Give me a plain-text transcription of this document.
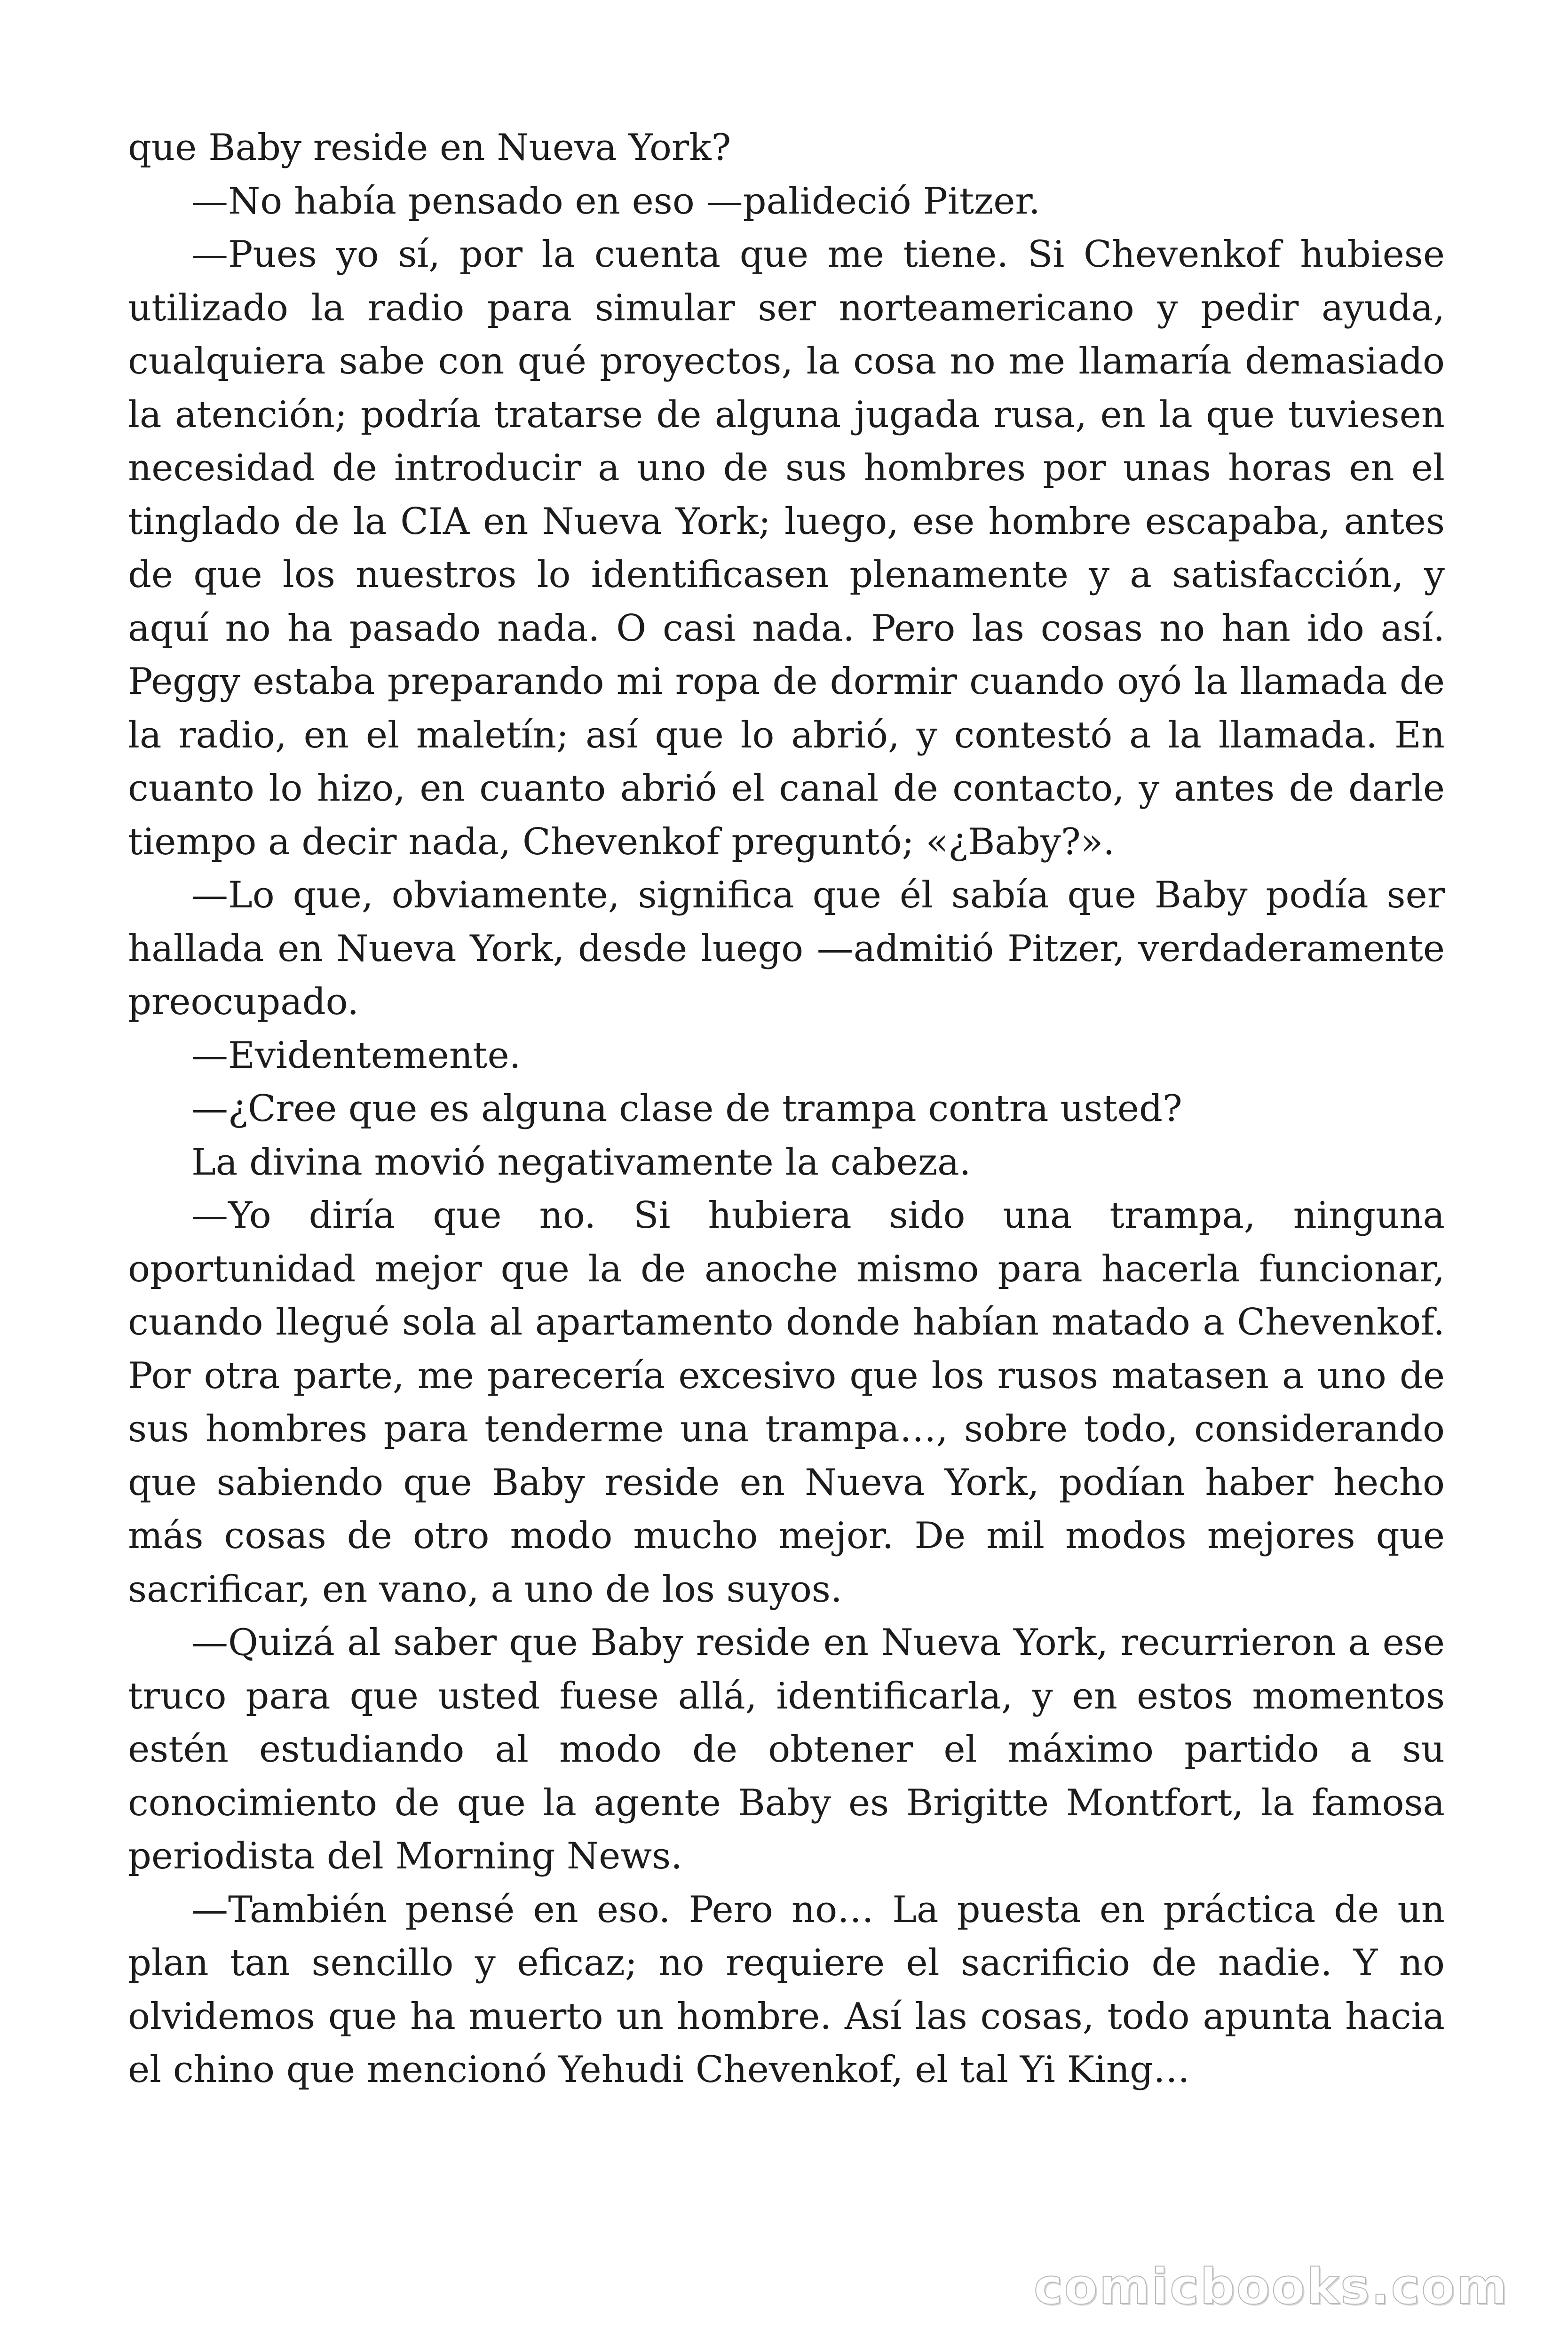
que Baby reside en Nueva York?

—No había pensado en eso —palideció Pitzer.

—Pues yo sí, por la cuenta que me tiene. Si Chevenkof hubiese utilizado la radio para simular ser norteamericano y pedir ayuda, cualquiera sabe con qué proyectos, la cosa no me llamaría demasiado la atención; podría tratarse de alguna jugada rusa, en la que tuviesen necesidad de introducir a uno de sus hombres por unas horas en el tinglado de la CIA en Nueva York; luego, ese hombre escapaba, antes de que los nuestros lo identificasen plenamente y a satisfacción, y aquí no ha pasado nada. O casi nada. Pero las cosas no han ido así. Peggy estaba preparando mi ropa de dormir cuando oyó la llamada de la radio, en el maletín; así que lo abrió, y contestó a la llamada. En cuanto lo hizo, en cuanto abrió el canal de contacto, y antes de darle tiempo a decir nada, Chevenkof preguntó; «¿Baby?».

—Lo que, obviamente, significa que él sabía que Baby podía ser hallada en Nueva York, desde luego —admitió Pitzer, verdaderamente preocupado.

—Evidentemente.

—¿Cree que es alguna clase de trampa contra usted?

La divina movió negativamente la cabeza.

—Yo diría que no. Si hubiera sido una trampa, ninguna oportunidad mejor que la de anoche mismo para hacerla funcionar, cuando llegué sola al apartamento donde habían matado a Chevenkof. Por otra parte, me parecería excesivo que los rusos matasen a uno de sus hombres para tenderme una trampa…, sobre todo, considerando que sabiendo que Baby reside en Nueva York, podían haber hecho más cosas de otro modo mucho mejor. De mil modos mejores que sacrificar, en vano, a uno de los suyos.

—Quizá al saber que Baby reside en Nueva York, recurrieron a ese truco para que usted fuese allá, identificarla, y en estos momentos estén estudiando al modo de obtener el máximo partido a su conocimiento de que la agente Baby es Brigitte Montfort, la famosa periodista del Morning News.

—También pensé en eso. Pero no… La puesta en práctica de un plan tan sencillo y eficaz; no requiere el sacrificio de nadie. Y no olvidemos que ha muerto un hombre. Así las cosas, todo apunta hacia el chino que mencionó Yehudi Chevenkof, el tal Yi King…

comicbooks.com
